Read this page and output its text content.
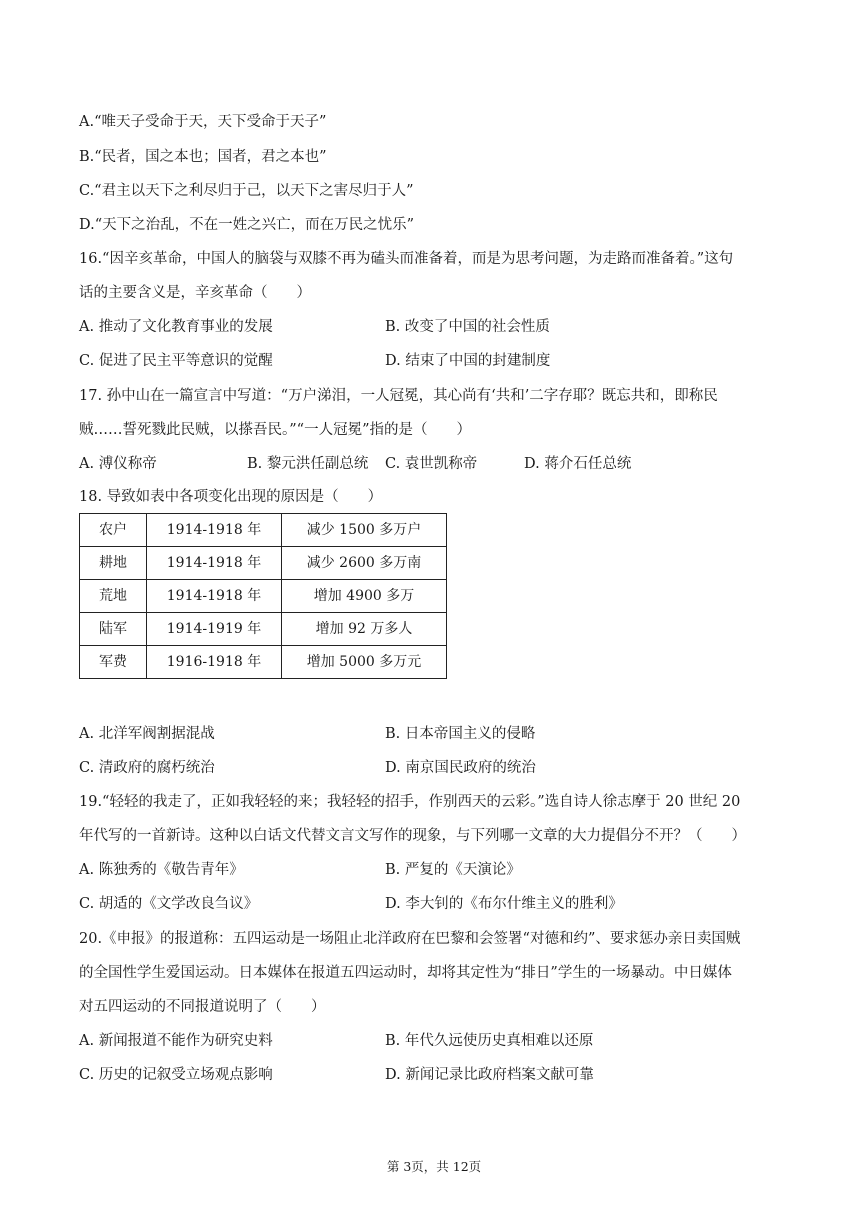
A.“唯天子受命于天，天下受命于天子”
B.“民者，国之本也；国者，君之本也”
C.“君主以天下之利尽归于己，以天下之害尽归于人”
D.“天下之治乱，不在一姓之兴亡，而在万民之忧乐”
16.“因辛亥革命，中国人的脑袋与双膝不再为磕头而准备着，而是为思考问题，为走路而准备着。”这句
话的主要含义是，辛亥革命（　　）
A. 推动了文化教育事业的发展	B. 改变了中国的社会性质
C. 促进了民主平等意识的觉醒	D. 结束了中国的封建制度
17. 孙中山在一篇宣言中写道：“万户涕泪，一人冠冕，其心尚有‘共和’二字存耶？既忘共和，即称民
贼……誓死戮此民贼，以搽吾民。”“一人冠冕”指的是（　　）
A. 溥仪称帝	B. 黎元洪任副总统 C. 袁世凯称帝	D. 蒋介石任总统
18. 导致如表中各项变化出现的原因是（　　）
农户	1914-1918 年	减少 1500 多万户
耕地	1914-1918 年	减少 2600 多万南
荒地	1914-1918 年	增加 4900 多万
陆军	1914-1919 年	增加 92 万多人
军费	1916-1918 年	增加 5000 多万元
A. 北洋军阀割据混战	B. 日本帝国主义的侵略
C. 清政府的腐朽统治	D. 南京国民政府的统治
19.“轻轻的我走了，正如我轻轻的来；我轻轻的招手，作别西天的云彩。”选自诗人徐志摩于 20 世纪 20
年代写的一首新诗。这种以白话文代替文言文写作的现象，与下列哪一文章的大力提倡分不开？（　　）
A. 陈独秀的《敬告青年》	B. 严复的《天演论》
C. 胡适的《文学改良刍议》	D. 李大钊的《布尔什维主义的胜利》
20.《申报》的报道称：五四运动是一场阻止北洋政府在巴黎和会签署“对德和约”、要求惩办亲日卖国贼
的全国性学生爱国运动。日本媒体在报道五四运动时，却将其定性为“排日”学生的一场暴动。中日媒体
对五四运动的不同报道说明了（　　）
A. 新闻报道不能作为研究史料	B. 年代久远使历史真相难以还原
C. 历史的记叙受立场观点影响	D. 新闻记录比政府档案文献可靠
第 3页，共 12页
